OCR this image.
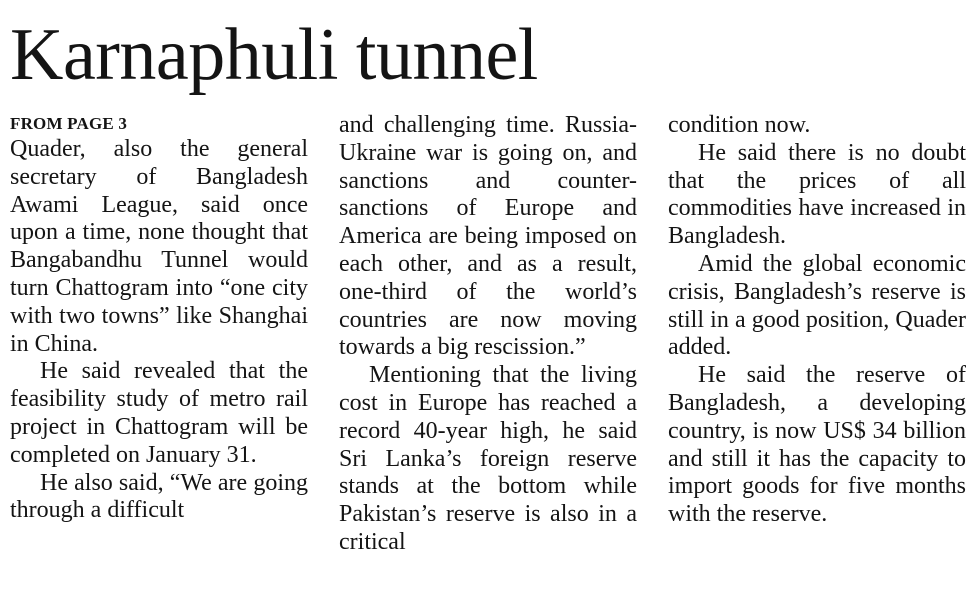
Karnaphuli tunnel
FROM PAGE 3

Quader, also the general secretary of Bangladesh Awami League, said once upon a time, none thought that Bangabandhu Tunnel would turn Chattogram into “one city with two towns” like Shanghai in China.

He said revealed that the feasibility study of metro rail project in Chattogram will be completed on January 31.

He also said, “We are going through a difficult

and challenging time. Russia-Ukraine war is going on, and sanctions and counter-sanctions of Europe and America are being imposed on each other, and as a result, one-third of the world’s countries are now moving towards a big rescission.”

Mentioning that the living cost in Europe has reached a record 40-year high, he said Sri Lanka’s foreign reserve stands at the bottom while Pakistan’s reserve is also in a critical

condition now.

He said there is no doubt that the prices of all commodities have increased in Bangladesh.

Amid the global economic crisis, Bangladesh’s reserve is still in a good position, Quader added.

He said the reserve of Bangladesh, a developing country, is now US$ 34 billion and still it has the capacity to import goods for five months with the reserve.
